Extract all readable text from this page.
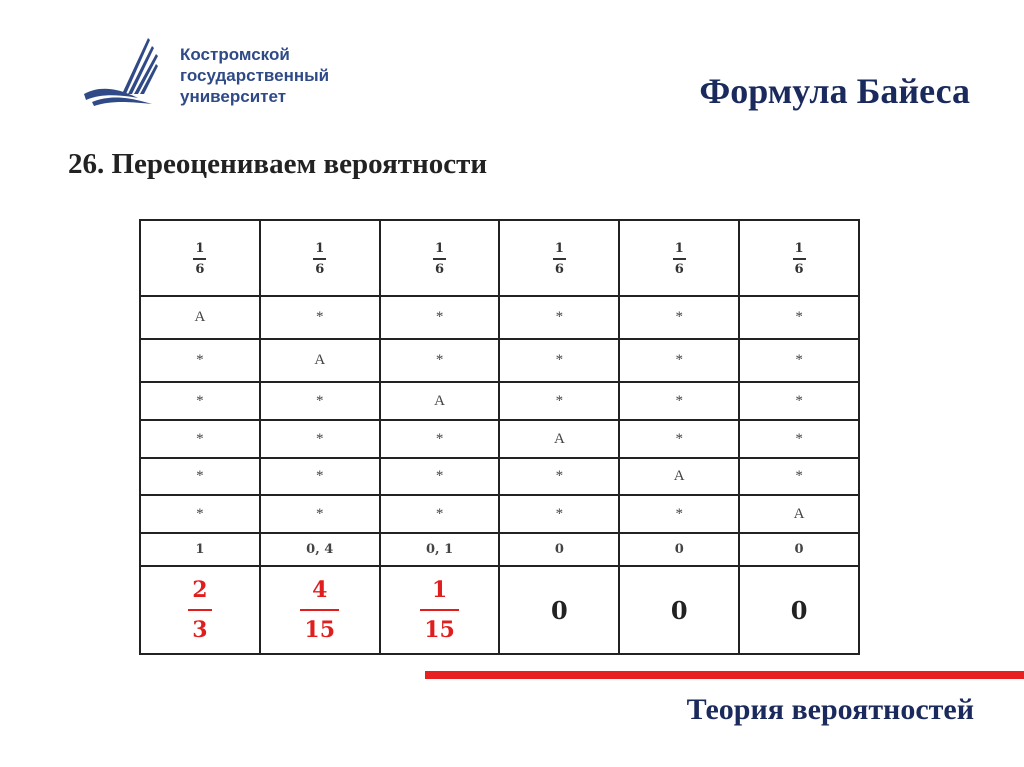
Костромской
государственный
университет	Формула Байеса
26. Переоцениваем вероятности
$\frac{1}{6}$	$\frac{1}{6}$	$\frac{1}{6}$	$\frac{1}{6}$	$\frac{1}{6}$	$\frac{1}{6}$

А	*	*	*	*	*
*	А	*	*	*	*
*	*	А	*	*	*
*	*	*	А	*	*
*	*	*	*	А	*
*	*	*	*	*	А
1	0, 4	0, 1	0	0	0

$\frac{2}{3}$	$\frac{4}{15}$	$\frac{1}{15}$	0	0	0
Теория вероятностей
